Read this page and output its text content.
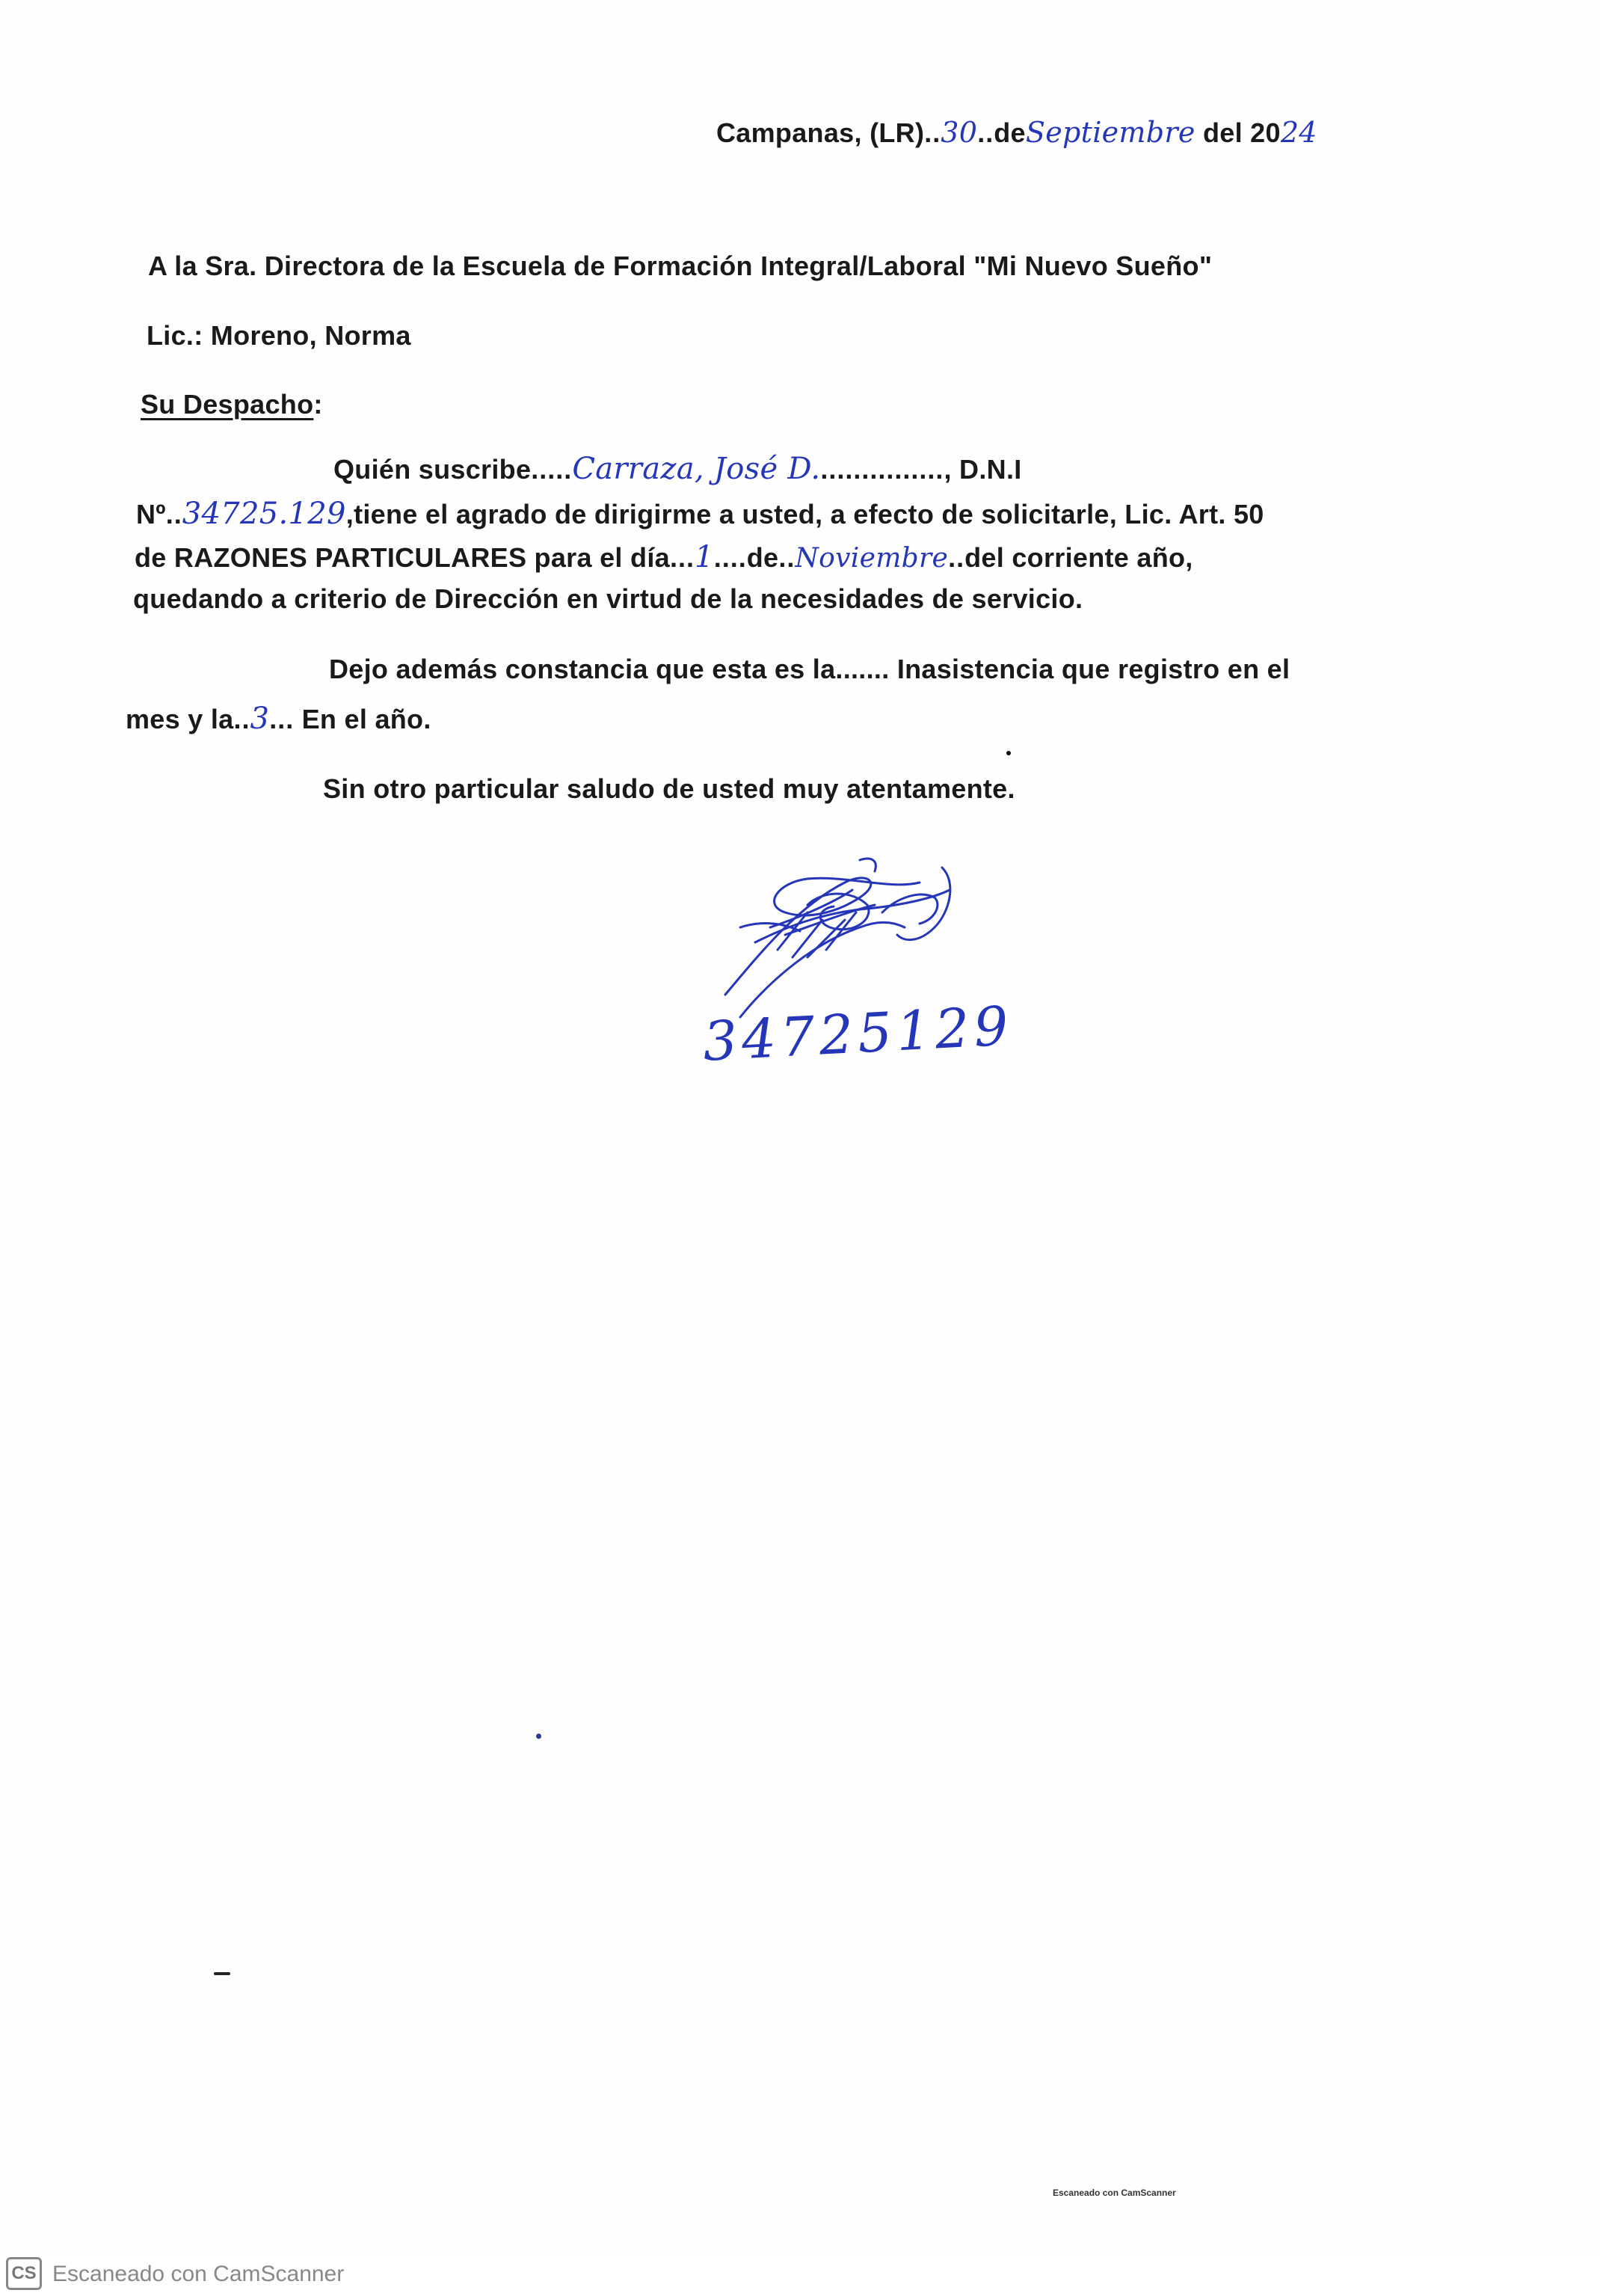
Campanas, (LR)..30..deSeptiembre del 2024
A la Sra. Directora de la Escuela de Formación Integral/Laboral "Mi Nuevo Sueño"
Lic.: Moreno, Norma
Su Despacho:
Quién suscribe.....Carraza, José D................, D.N.I
Nº..34725.129,tiene el agrado de dirigirme a usted, a efecto de solicitarle, Lic. Art. 50
de RAZONES PARTICULARES para el día...1....de..Noviembre..del corriente año,
quedando a criterio de Dirección en virtud de la necesidades de servicio.
Dejo además constancia que esta es la....... Inasistencia que registro en el
mes y la..3... En el año.
Sin otro particular saludo de usted muy atentamente.
34725129
Escaneado con CamScanner
CS Escaneado con CamScanner
